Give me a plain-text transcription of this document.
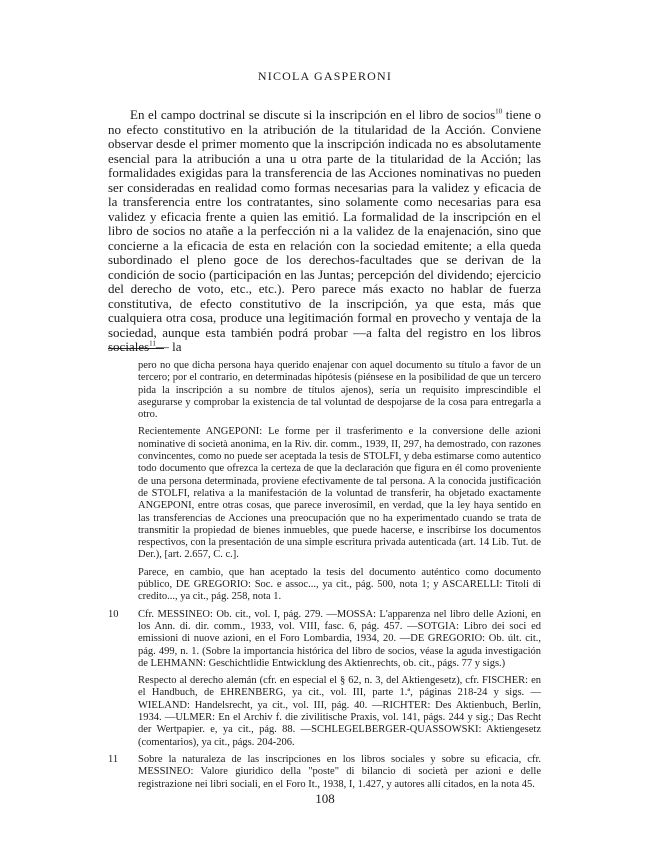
NICOLA GASPERONI

En el campo doctrinal se discute si la inscripción en el libro de socios$^{10}$ tiene o no efecto constitutivo en la atribución de la titularidad de la Acción. Conviene observar desde el primer momento que la inscripción indicada no es absolutamente esencial para la atribución a una u otra parte de la titularidad de la Acción; las formalidades exigidas para la transferencia de las Acciones nominativas no pueden ser consideradas en realidad como formas necesarias para la validez y eficacia de la transferencia entre los contratantes, sino solamente como necesarias para esa validez y eficacia frente a quien las emitió. La formalidad de la inscripción en el libro de socios no atañe a la perfección ni a la validez de la enajenación, sino que concierne a la eficacia de esta en relación con la sociedad emitente; a ella queda subordinado el pleno goce de los derechos-facultades que se derivan de la condición de socio (participación en las Juntas; percepción del dividendo; ejercicio del derecho de voto, etc., etc.). Pero parece más exacto no hablar de fuerza constitutiva, de efecto constitutivo de la inscripción, ya que esta, más que cualquiera otra cosa, produce una legitimación formal en provecho y ventaja de la sociedad, aunque esta también podrá probar —a falta del registro en los libros sociales$^{11}$— la

pero no que dicha persona haya querido enajenar con aquel documento su título a favor de un tercero; por el contrario, en determinadas hipótesis (piénsese en la posibilidad de que un tercero pida la inscripción a su nombre de títulos ajenos), sería un requisito imprescindible el asegurarse y comprobar la existencia de tal voluntad de despojarse de la cosa para entregarla a otro.

Recientemente ANGEPONI: Le forme per il trasferimento e la conversione delle azioni nominative di società anonima, en la Riv. dir. comm., 1939, II, 297, ha demostrado, con razones convincentes, como no puede ser aceptada la tesis de STOLFI, y deba estimarse como autentico todo documento que ofrezca la certeza de que la declaración que figura en él como proveniente de una persona determinada, proviene efectivamente de tal persona. A la conocida justificación de STOLFI, relativa a la manifestación de la voluntad de transferir, ha objetado exactamente ANGEPONI, entre otras cosas, que parece inverosímil, en verdad, que la ley haya sentido en las transferencias de Acciones una preocupación que no ha experimentado cuando se trata de transmitir la propiedad de bienes inmuebles, que puede hacerse, e inscribirse los documentos respectivos, con la presentación de una simple escritura privada autenticada (art. 14 Lib. Tut. de Der.), [art. 2.657, C. c.].

Parece, en cambio, que han aceptado la tesis del documento auténtico como documento público, DE GREGORIO: Soc. e assoc..., ya cit., pág. 500, nota 1; y ASCARELLI: Titoli di credito..., ya cit., pág. 258, nota 1.

10 Cfr. MESSINEO: Ob. cit., vol. I, pág. 279. —MOSSA: L'apparenza nel libro delle Azioni, en los Ann. di. dir. comm., 1933, vol. VIII, fasc. 6, pág. 457. —SOTGIA: Libro dei soci ed emissioni di nuove azioni, en el Foro Lombardia, 1934, 20. —DE GREGORIO: Ob. últ. cit., pág. 499, n. 1. (Sobre la importancia histórica del libro de socios, véase la aguda investigación de LEHMANN: Geschichtlidie Entwicklung des Aktienrechts, ob. cit., págs. 77 y sigs.)

Respecto al derecho alemán (cfr. en especial el § 62, n. 3, del Aktiengesetz), cfr. FISCHER: en el Handbuch, de EHRENBERG, ya cit., vol. III, parte 1.ª, páginas 218-24 y sigs. —WIELAND: Handelsrecht, ya cit., vol. III, pág. 40. —RICHTER: Des Aktienbuch, Berlín, 1934. —ULMER: En el Archiv f. die zivilitische Praxis, vol. 141, págs. 244 y sig.; Das Recht der Wertpapier. e, ya cit., pág. 88. —SCHLEGELBERGER-QUASSOWSKI: Aktiengesetz (comentarios), ya cit., págs. 204-206.

11 Sobre la naturaleza de las inscripciones en los libros sociales y sobre su eficacia, cfr. MESSINEO: Valore giuridico della "poste" di bilancio di società per azioni e delle registrazione nei libri sociali, en el Foro It., 1938, I, 1.427, y autores allí citados, en la nota 45.

108
